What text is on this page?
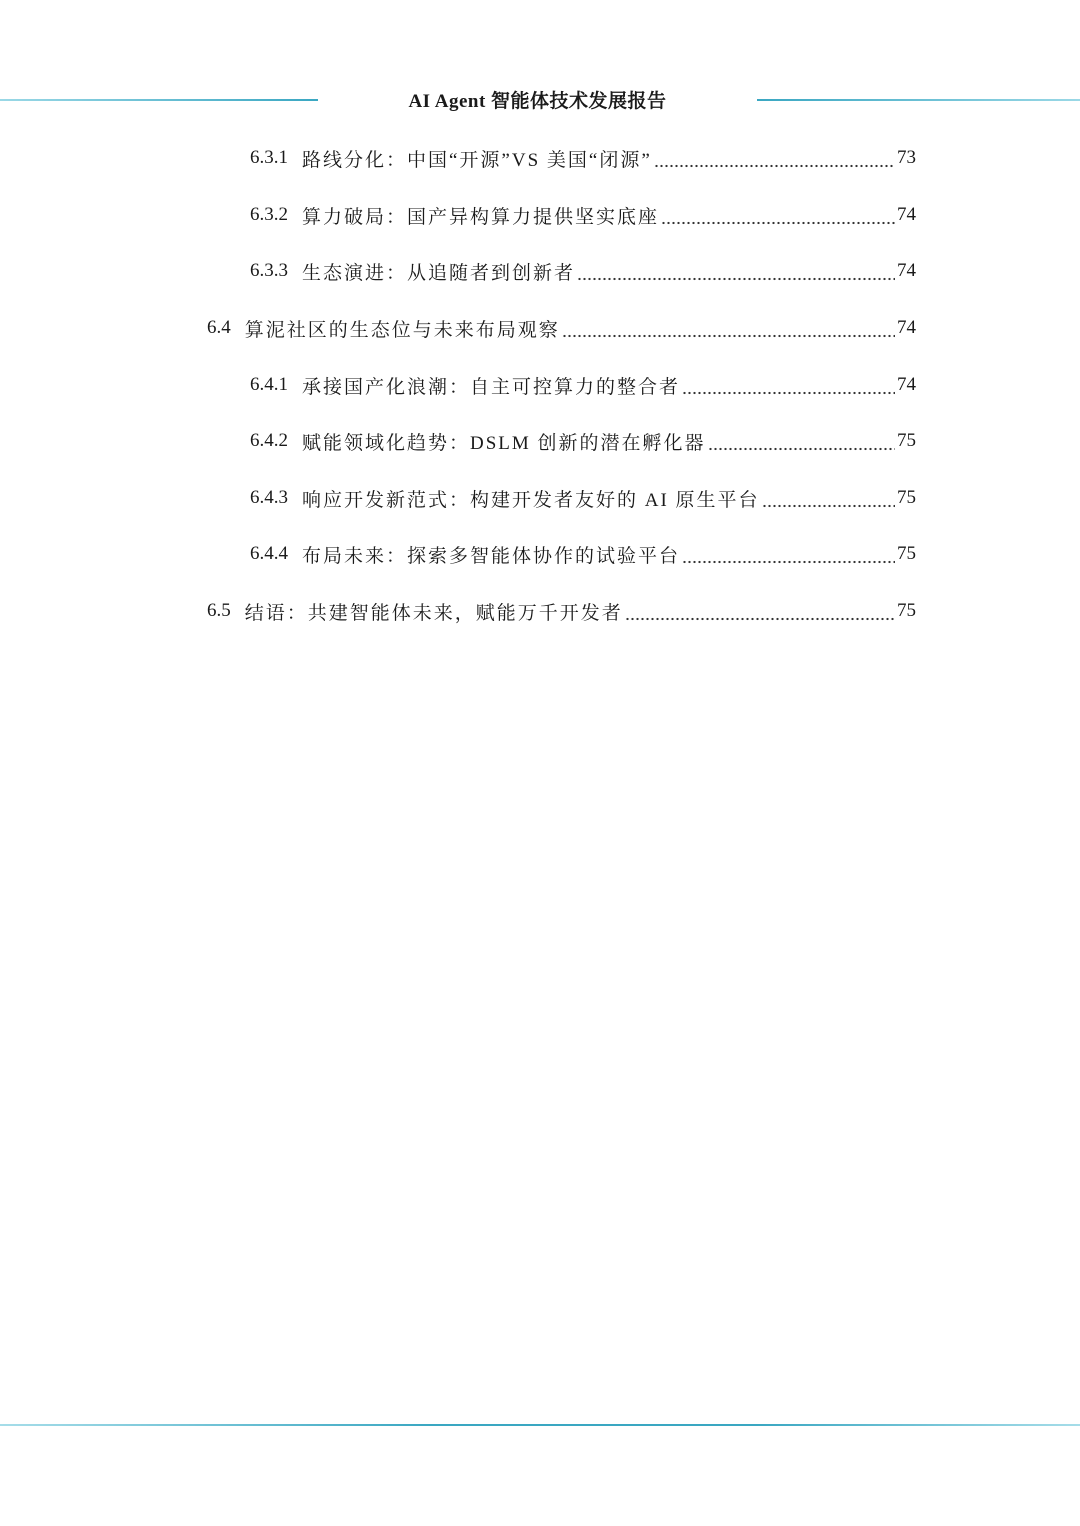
AI Agent 智能体技术发展报告
6.3.1 路线分化：中国“开源”VS 美国“闭源”	73
6.3.2 算力破局：国产异构算力提供坚实底座	74
6.3.3 生态演进：从追随者到创新者	74
6.4 算泥社区的生态位与未来布局观察	74
6.4.1 承接国产化浪潮：自主可控算力的整合者	74
6.4.2 赋能领域化趋势：DSLM 创新的潜在孵化器	75
6.4.3 响应开发新范式：构建开发者友好的 AI 原生平台	75
6.4.4 布局未来：探索多智能体协作的试验平台	75
6.5 结语：共建智能体未来，赋能万千开发者	75
